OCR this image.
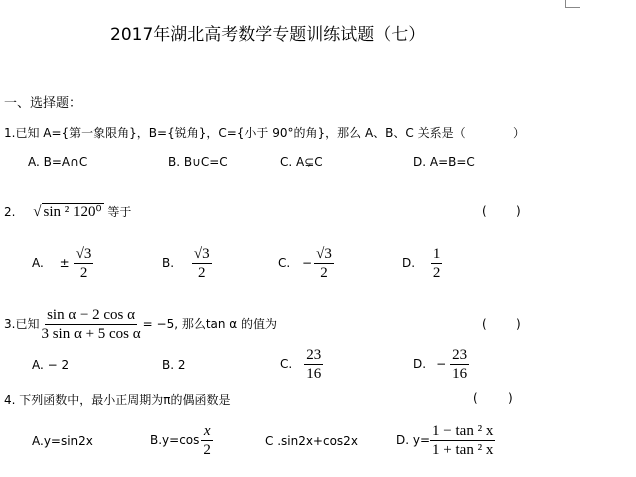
2017年湖北高考数学专题训练试题（七）
一、选择题：
1.已知 A={第一象限角}，B={锐角}，C={小于 90°的角}，那么 A、B、C 关系是（	）
A. B=A∩C	B. B∪C=C	C. A⊊C	D. A=B=C
2. √ sin ² 120⁰ 等于	( )
A. ± $\frac{√3}{2}$	B. $\frac{√3}{2}$	C. − $\frac{√3}{2}$	D. $\frac{1}{2}$
3.已知 $\frac{\text{sin α − 2 cos α}}{\text{3 sin α + 5 cos α}} = -5$, 那么tan α 的值为	( )
A. − 2	B. 2	C. $\frac{23}{16}$	D. − $\frac{23}{16}$
4. 下列函数中，最小正周期为π的偶函数是	(	)
A.y=sin2x	$B.y=\cos \frac{x}{2}$	C .sin2x+cos2x	D. $y= \frac{\text{1 − tan ² x}}{\text{1 + tan ² x}}$
